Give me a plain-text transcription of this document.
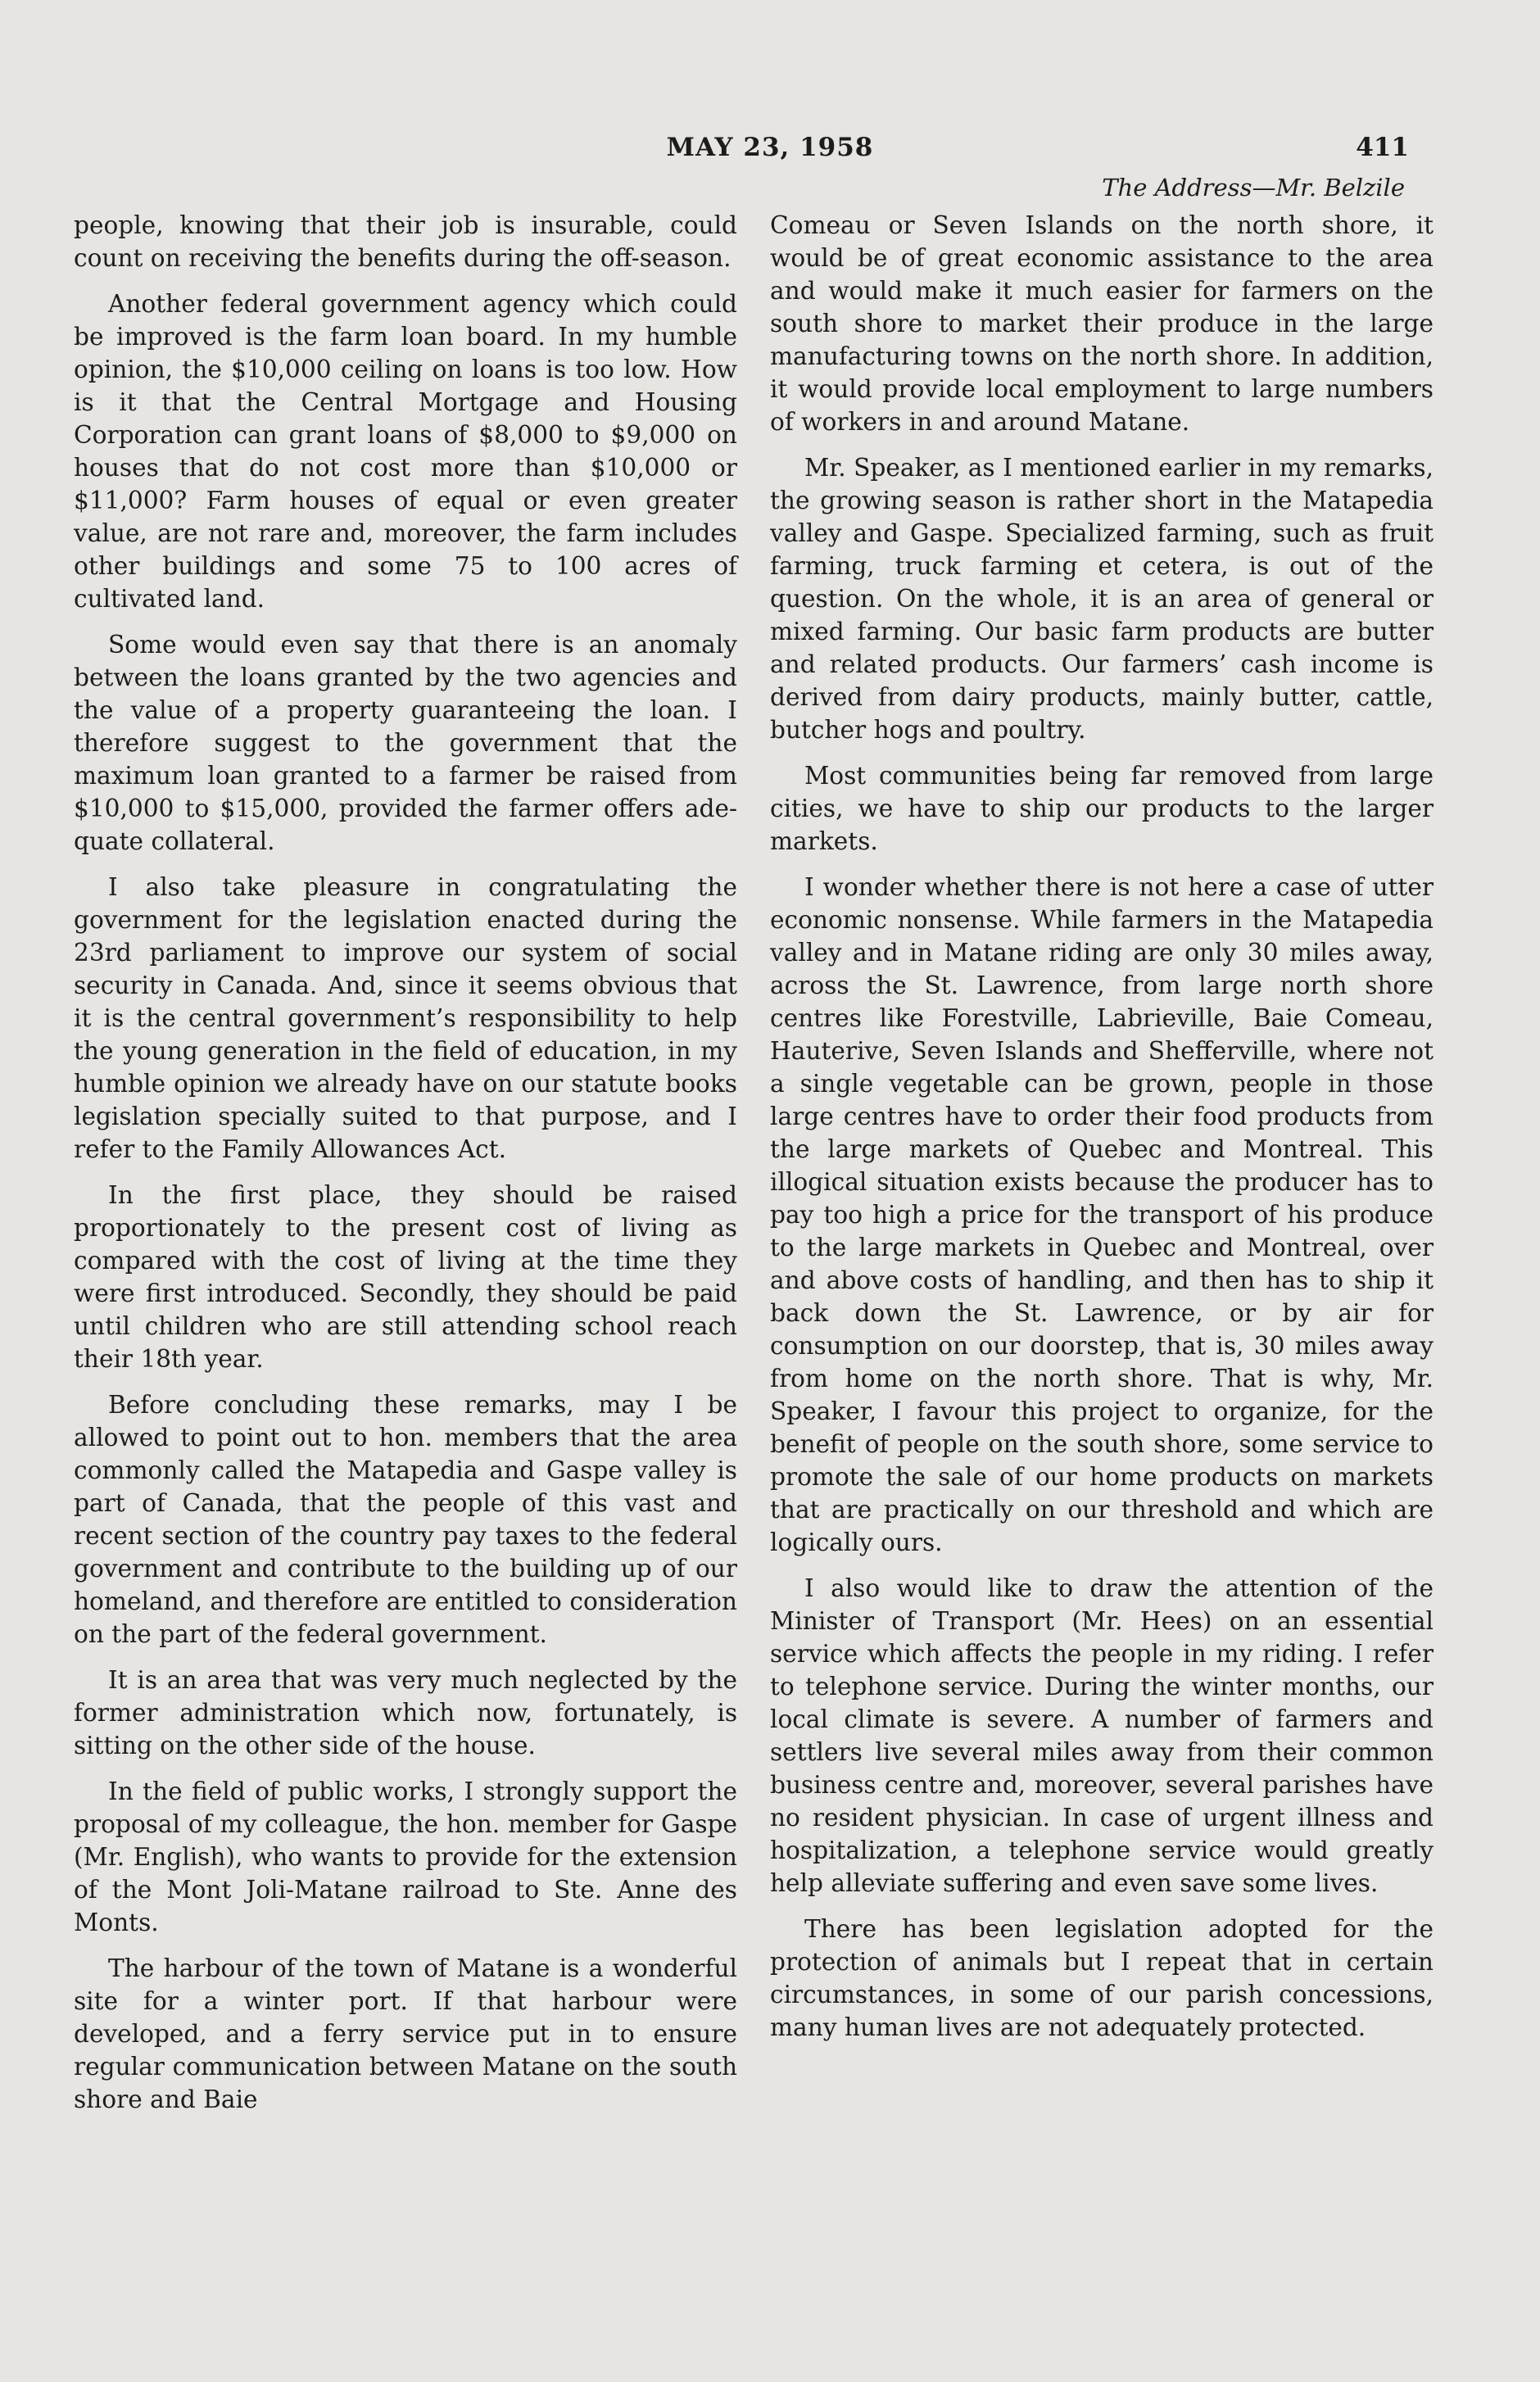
MAY 23, 1958	411
The Address—Mr. Belzile

people, knowing that their job is insurable, could count on receiving the benefits during the off-season.

Another federal government agency which could be improved is the farm loan board. In my humble opinion, the $10,000 ceiling on loans is too low. How is it that the Central Mortgage and Housing Corporation can grant loans of $8,000 to $9,000 on houses that do not cost more than $10,000 or $11,000? Farm houses of equal or even greater value, are not rare and, moreover, the farm includes other buildings and some 75 to 100 acres of cultivated land.

Some would even say that there is an anomaly between the loans granted by the two agencies and the value of a property guaranteeing the loan. I therefore suggest to the government that the maximum loan granted to a farmer be raised from $10,000 to $15,000, provided the farmer offers adequate collateral.

I also take pleasure in congratulating the government for the legislation enacted during the 23rd parliament to improve our system of social security in Canada. And, since it seems obvious that it is the central government’s responsibility to help the young generation in the field of education, in my humble opinion we already have on our statute books legislation specially suited to that purpose, and I refer to the Family Allowances Act.

In the first place, they should be raised proportionately to the present cost of living as compared with the cost of living at the time they were first introduced. Secondly, they should be paid until children who are still attending school reach their 18th year.

Before concluding these remarks, may I be allowed to point out to hon. members that the area commonly called the Matapedia and Gaspe valley is part of Canada, that the people of this vast and recent section of the country pay taxes to the federal government and contribute to the building up of our homeland, and therefore are entitled to consideration on the part of the federal government.

It is an area that was very much neglected by the former administration which now, fortunately, is sitting on the other side of the house.

In the field of public works, I strongly support the proposal of my colleague, the hon. member for Gaspe (Mr. English), who wants to provide for the extension of the Mont Joli-Matane railroad to Ste. Anne des Monts.

The harbour of the town of Matane is a wonderful site for a winter port. If that harbour were developed, and a ferry service put in to ensure regular communication between Matane on the south shore and Baie

Comeau or Seven Islands on the north shore, it would be of great economic assistance to the area and would make it much easier for farmers on the south shore to market their produce in the large manufacturing towns on the north shore. In addition, it would provide local employment to large numbers of workers in and around Matane.

Mr. Speaker, as I mentioned earlier in my remarks, the growing season is rather short in the Matapedia valley and Gaspe. Specialized farming, such as fruit farming, truck farming et cetera, is out of the question. On the whole, it is an area of general or mixed farming. Our basic farm products are butter and related products. Our farmers’ cash income is derived from dairy products, mainly butter, cattle, butcher hogs and poultry.

Most communities being far removed from large cities, we have to ship our products to the larger markets.

I wonder whether there is not here a case of utter economic nonsense. While farmers in the Matapedia valley and in Matane riding are only 30 miles away, across the St. Lawrence, from large north shore centres like Forestville, Labrieville, Baie Comeau, Hauterive, Seven Islands and Shefferville, where not a single vegetable can be grown, people in those large centres have to order their food products from the large markets of Quebec and Montreal. This illogical situation exists because the producer has to pay too high a price for the transport of his produce to the large markets in Quebec and Montreal, over and above costs of handling, and then has to ship it back down the St. Lawrence, or by air for consumption on our doorstep, that is, 30 miles away from home on the north shore. That is why, Mr. Speaker, I favour this project to organize, for the benefit of people on the south shore, some service to promote the sale of our home products on markets that are practically on our threshold and which are logically ours.

I also would like to draw the attention of the Minister of Transport (Mr. Hees) on an essential service which affects the people in my riding. I refer to telephone service. During the winter months, our local climate is severe. A number of farmers and settlers live several miles away from their common business centre and, moreover, several parishes have no resident physician. In case of urgent illness and hospitalization, a telephone service would greatly help alleviate suffering and even save some lives.

There has been legislation adopted for the protection of animals but I repeat that in certain circumstances, in some of our parish concessions, many human lives are not adequately protected.
